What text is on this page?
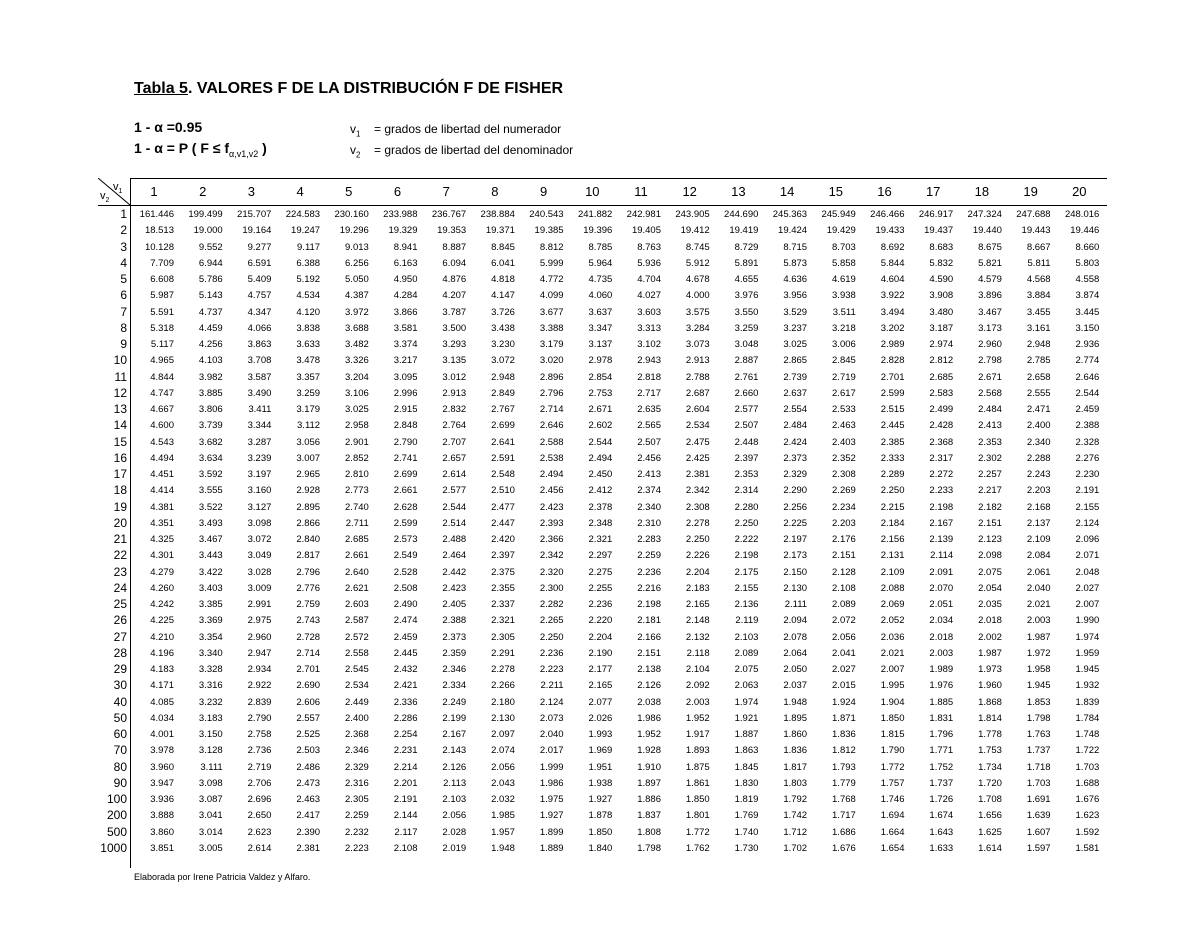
Tabla 5. VALORES F DE LA DISTRIBUCIÓN F DE FISHER
1 - α =0.95
1 - α = P ( $F \le f_{\alpha,v1,v2}$ )
$v_1$ = grados de libertad del numerador
$v_2$ = grados de libertad del denominador
$v_1$
$v_2$
Elaborada por Irene Patricia Valdez y Alfaro.
1	2	3	4	5	6	7	8	9	10	11	12	13	14	15	16	17	18	19	20
1	161.446	199.499	215.707	224.583	230.160	233.988	236.767	238.884	240.543	241.882	242.981	243.905	244.690	245.363	245.949	246.466	246.917	247.324	247.688	248.016
2	18.513	19.000	19.164	19.247	19.296	19.329	19.353	19.371	19.385	19.396	19.405	19.412	19.419	19.424	19.429	19.433	19.437	19.440	19.443	19.446
3	10.128	9.552	9.277	9.117	9.013	8.941	8.887	8.845	8.812	8.785	8.763	8.745	8.729	8.715	8.703	8.692	8.683	8.675	8.667	8.660
4	7.709	6.944	6.591	6.388	6.256	6.163	6.094	6.041	5.999	5.964	5.936	5.912	5.891	5.873	5.858	5.844	5.832	5.821	5.811	5.803
5	6.608	5.786	5.409	5.192	5.050	4.950	4.876	4.818	4.772	4.735	4.704	4.678	4.655	4.636	4.619	4.604	4.590	4.579	4.568	4.558
6	5.987	5.143	4.757	4.534	4.387	4.284	4.207	4.147	4.099	4.060	4.027	4.000	3.976	3.956	3.938	3.922	3.908	3.896	3.884	3.874
7	5.591	4.737	4.347	4.120	3.972	3.866	3.787	3.726	3.677	3.637	3.603	3.575	3.550	3.529	3.511	3.494	3.480	3.467	3.455	3.445
8	5.318	4.459	4.066	3.838	3.688	3.581	3.500	3.438	3.388	3.347	3.313	3.284	3.259	3.237	3.218	3.202	3.187	3.173	3.161	3.150
9	5.117	4.256	3.863	3.633	3.482	3.374	3.293	3.230	3.179	3.137	3.102	3.073	3.048	3.025	3.006	2.989	2.974	2.960	2.948	2.936
10	4.965	4.103	3.708	3.478	3.326	3.217	3.135	3.072	3.020	2.978	2.943	2.913	2.887	2.865	2.845	2.828	2.812	2.798	2.785	2.774
11	4.844	3.982	3.587	3.357	3.204	3.095	3.012	2.948	2.896	2.854	2.818	2.788	2.761	2.739	2.719	2.701	2.685	2.671	2.658	2.646
12	4.747	3.885	3.490	3.259	3.106	2.996	2.913	2.849	2.796	2.753	2.717	2.687	2.660	2.637	2.617	2.599	2.583	2.568	2.555	2.544
13	4.667	3.806	3.411	3.179	3.025	2.915	2.832	2.767	2.714	2.671	2.635	2.604	2.577	2.554	2.533	2.515	2.499	2.484	2.471	2.459
14	4.600	3.739	3.344	3.112	2.958	2.848	2.764	2.699	2.646	2.602	2.565	2.534	2.507	2.484	2.463	2.445	2.428	2.413	2.400	2.388
15	4.543	3.682	3.287	3.056	2.901	2.790	2.707	2.641	2.588	2.544	2.507	2.475	2.448	2.424	2.403	2.385	2.368	2.353	2.340	2.328
16	4.494	3.634	3.239	3.007	2.852	2.741	2.657	2.591	2.538	2.494	2.456	2.425	2.397	2.373	2.352	2.333	2.317	2.302	2.288	2.276
17	4.451	3.592	3.197	2.965	2.810	2.699	2.614	2.548	2.494	2.450	2.413	2.381	2.353	2.329	2.308	2.289	2.272	2.257	2.243	2.230
18	4.414	3.555	3.160	2.928	2.773	2.661	2.577	2.510	2.456	2.412	2.374	2.342	2.314	2.290	2.269	2.250	2.233	2.217	2.203	2.191
19	4.381	3.522	3.127	2.895	2.740	2.628	2.544	2.477	2.423	2.378	2.340	2.308	2.280	2.256	2.234	2.215	2.198	2.182	2.168	2.155
20	4.351	3.493	3.098	2.866	2.711	2.599	2.514	2.447	2.393	2.348	2.310	2.278	2.250	2.225	2.203	2.184	2.167	2.151	2.137	2.124
21	4.325	3.467	3.072	2.840	2.685	2.573	2.488	2.420	2.366	2.321	2.283	2.250	2.222	2.197	2.176	2.156	2.139	2.123	2.109	2.096
22	4.301	3.443	3.049	2.817	2.661	2.549	2.464	2.397	2.342	2.297	2.259	2.226	2.198	2.173	2.151	2.131	2.114	2.098	2.084	2.071
23	4.279	3.422	3.028	2.796	2.640	2.528	2.442	2.375	2.320	2.275	2.236	2.204	2.175	2.150	2.128	2.109	2.091	2.075	2.061	2.048
24	4.260	3.403	3.009	2.776	2.621	2.508	2.423	2.355	2.300	2.255	2.216	2.183	2.155	2.130	2.108	2.088	2.070	2.054	2.040	2.027
25	4.242	3.385	2.991	2.759	2.603	2.490	2.405	2.337	2.282	2.236	2.198	2.165	2.136	2.111	2.089	2.069	2.051	2.035	2.021	2.007
26	4.225	3.369	2.975	2.743	2.587	2.474	2.388	2.321	2.265	2.220	2.181	2.148	2.119	2.094	2.072	2.052	2.034	2.018	2.003	1.990
27	4.210	3.354	2.960	2.728	2.572	2.459	2.373	2.305	2.250	2.204	2.166	2.132	2.103	2.078	2.056	2.036	2.018	2.002	1.987	1.974
28	4.196	3.340	2.947	2.714	2.558	2.445	2.359	2.291	2.236	2.190	2.151	2.118	2.089	2.064	2.041	2.021	2.003	1.987	1.972	1.959
29	4.183	3.328	2.934	2.701	2.545	2.432	2.346	2.278	2.223	2.177	2.138	2.104	2.075	2.050	2.027	2.007	1.989	1.973	1.958	1.945
30	4.171	3.316	2.922	2.690	2.534	2.421	2.334	2.266	2.211	2.165	2.126	2.092	2.063	2.037	2.015	1.995	1.976	1.960	1.945	1.932
40	4.085	3.232	2.839	2.606	2.449	2.336	2.249	2.180	2.124	2.077	2.038	2.003	1.974	1.948	1.924	1.904	1.885	1.868	1.853	1.839
50	4.034	3.183	2.790	2.557	2.400	2.286	2.199	2.130	2.073	2.026	1.986	1.952	1.921	1.895	1.871	1.850	1.831	1.814	1.798	1.784
60	4.001	3.150	2.758	2.525	2.368	2.254	2.167	2.097	2.040	1.993	1.952	1.917	1.887	1.860	1.836	1.815	1.796	1.778	1.763	1.748
70	3.978	3.128	2.736	2.503	2.346	2.231	2.143	2.074	2.017	1.969	1.928	1.893	1.863	1.836	1.812	1.790	1.771	1.753	1.737	1.722
80	3.960	3.111	2.719	2.486	2.329	2.214	2.126	2.056	1.999	1.951	1.910	1.875	1.845	1.817	1.793	1.772	1.752	1.734	1.718	1.703
90	3.947	3.098	2.706	2.473	2.316	2.201	2.113	2.043	1.986	1.938	1.897	1.861	1.830	1.803	1.779	1.757	1.737	1.720	1.703	1.688
100	3.936	3.087	2.696	2.463	2.305	2.191	2.103	2.032	1.975	1.927	1.886	1.850	1.819	1.792	1.768	1.746	1.726	1.708	1.691	1.676
200	3.888	3.041	2.650	2.417	2.259	2.144	2.056	1.985	1.927	1.878	1.837	1.801	1.769	1.742	1.717	1.694	1.674	1.656	1.639	1.623
500	3.860	3.014	2.623	2.390	2.232	2.117	2.028	1.957	1.899	1.850	1.808	1.772	1.740	1.712	1.686	1.664	1.643	1.625	1.607	1.592
1000	3.851	3.005	2.614	2.381	2.223	2.108	2.019	1.948	1.889	1.840	1.798	1.762	1.730	1.702	1.676	1.654	1.633	1.614	1.597	1.581
